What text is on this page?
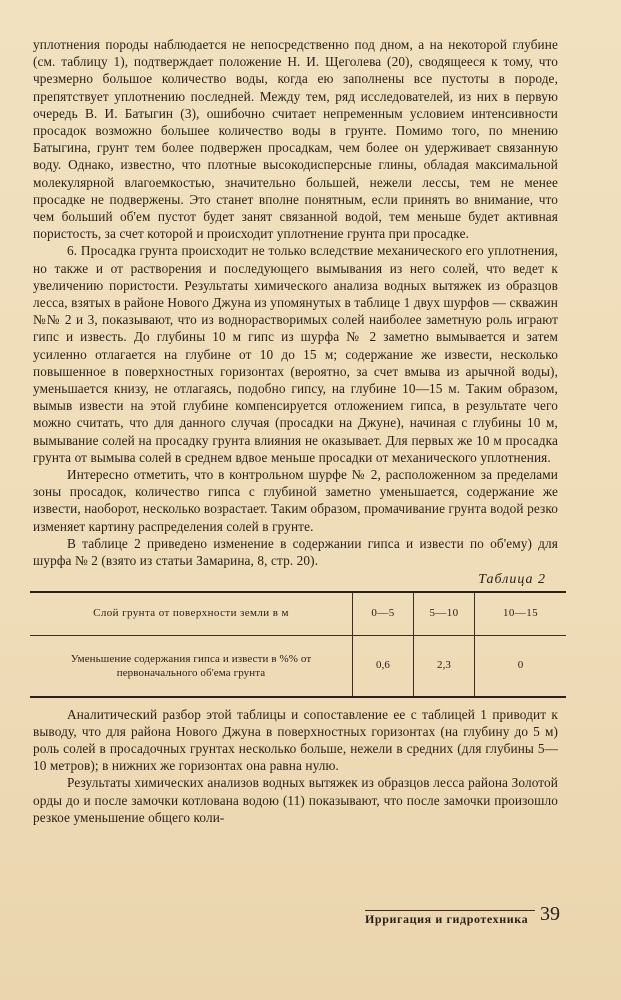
уплотнения породы наблюдается не непосредственно под дном, а на некоторой глубине (см. таблицу 1), подтверждает положение Н. И. Щеголева (20), сводящееся к тому, что чрезмерно большое количество воды, когда ею заполнены все пустоты в породе, препятствует уплотнению последней. Между тем, ряд исследователей, из них в первую очередь В. И. Батыгин (3), ошибочно считает непременным условием интенсивности просадок возможно большее количество воды в грунте. Помимо того, по мнению Батыгина, грунт тем более подвержен просадкам, чем более он удерживает связанную воду. Однако, известно, что плотные высокодисперсные глины, обладая максимальной молекулярной влагоемкостью, значительно большей, нежели лессы, тем не менее просадке не подвержены. Это станет вполне понятным, если принять во внимание, что чем больший об'ем пустот будет занят связанной водой, тем меньше будет активная пористость, за счет которой и происходит уплотнение грунта при просадке.

6. Просадка грунта происходит не только вследствие механического его уплотнения, но также и от растворения и последующего вымывания из него солей, что ведет к увеличению пористости. Результаты химического анализа водных вытяжек из образцов лесса, взятых в районе Нового Джуна из упомянутых в таблице 1 двух шурфов — скважин №№ 2 и 3, показывают, что из воднорастворимых солей наиболее заметную роль играют гипс и известь. До глубины 10 м гипс из шурфа № 2 заметно вымывается и затем усиленно отлагается на глубине от 10 до 15 м; содержание же извести, несколько повышенное в поверхностных горизонтах (вероятно, за счет вмыва из арычной воды), уменьшается книзу, не отлагаясь, подобно гипсу, на глубине 10—15 м. Таким образом, вымыв извести на этой глубине компенсируется отложением гипса, в результате чего можно считать, что для данного случая (просадки на Джуне), начиная с глубины 10 м, вымывание солей на просадку грунта влияния не оказывает. Для первых же 10 м просадка грунта от вымыва солей в среднем вдвое меньше просадки от механического уплотнения.

Интересно отметить, что в контрольном шурфе № 2, расположенном за пределами зоны просадок, количество гипса с глубиной заметно уменьшается, содержание же извести, наоборот, несколько возрастает. Таким образом, промачивание грунта водой резко изменяет картину распределения солей в грунте.

В таблице 2 приведено изменение в содержании гипса и извести по об'ему) для шурфа № 2 (взято из статьи Замарина, 8, стр. 20).

Таблица 2
Слой грунта от поверхности земли в м	0—5	5—10	10—15
Уменьшение содержания гипса и извести в %% от первоначального об'ема грунта	0,6	2,3	0

Аналитический разбор этой таблицы и сопоставление ее с таблицей 1 приводит к выводу, что для района Нового Джуна в поверхностных горизонтах (на глубину до 5 м) роль солей в просадочных грунтах несколько больше, нежели в средних (для глубины 5—10 метров); в нижних же горизонтах она равна нулю.

Результаты химических анализов водных вытяжек из образцов лесса района Золотой орды до и после замочки котлована водою (11) показывают, что после замочки произошло резкое уменьшение общего коли-

Ирригация и гидротехника 39
